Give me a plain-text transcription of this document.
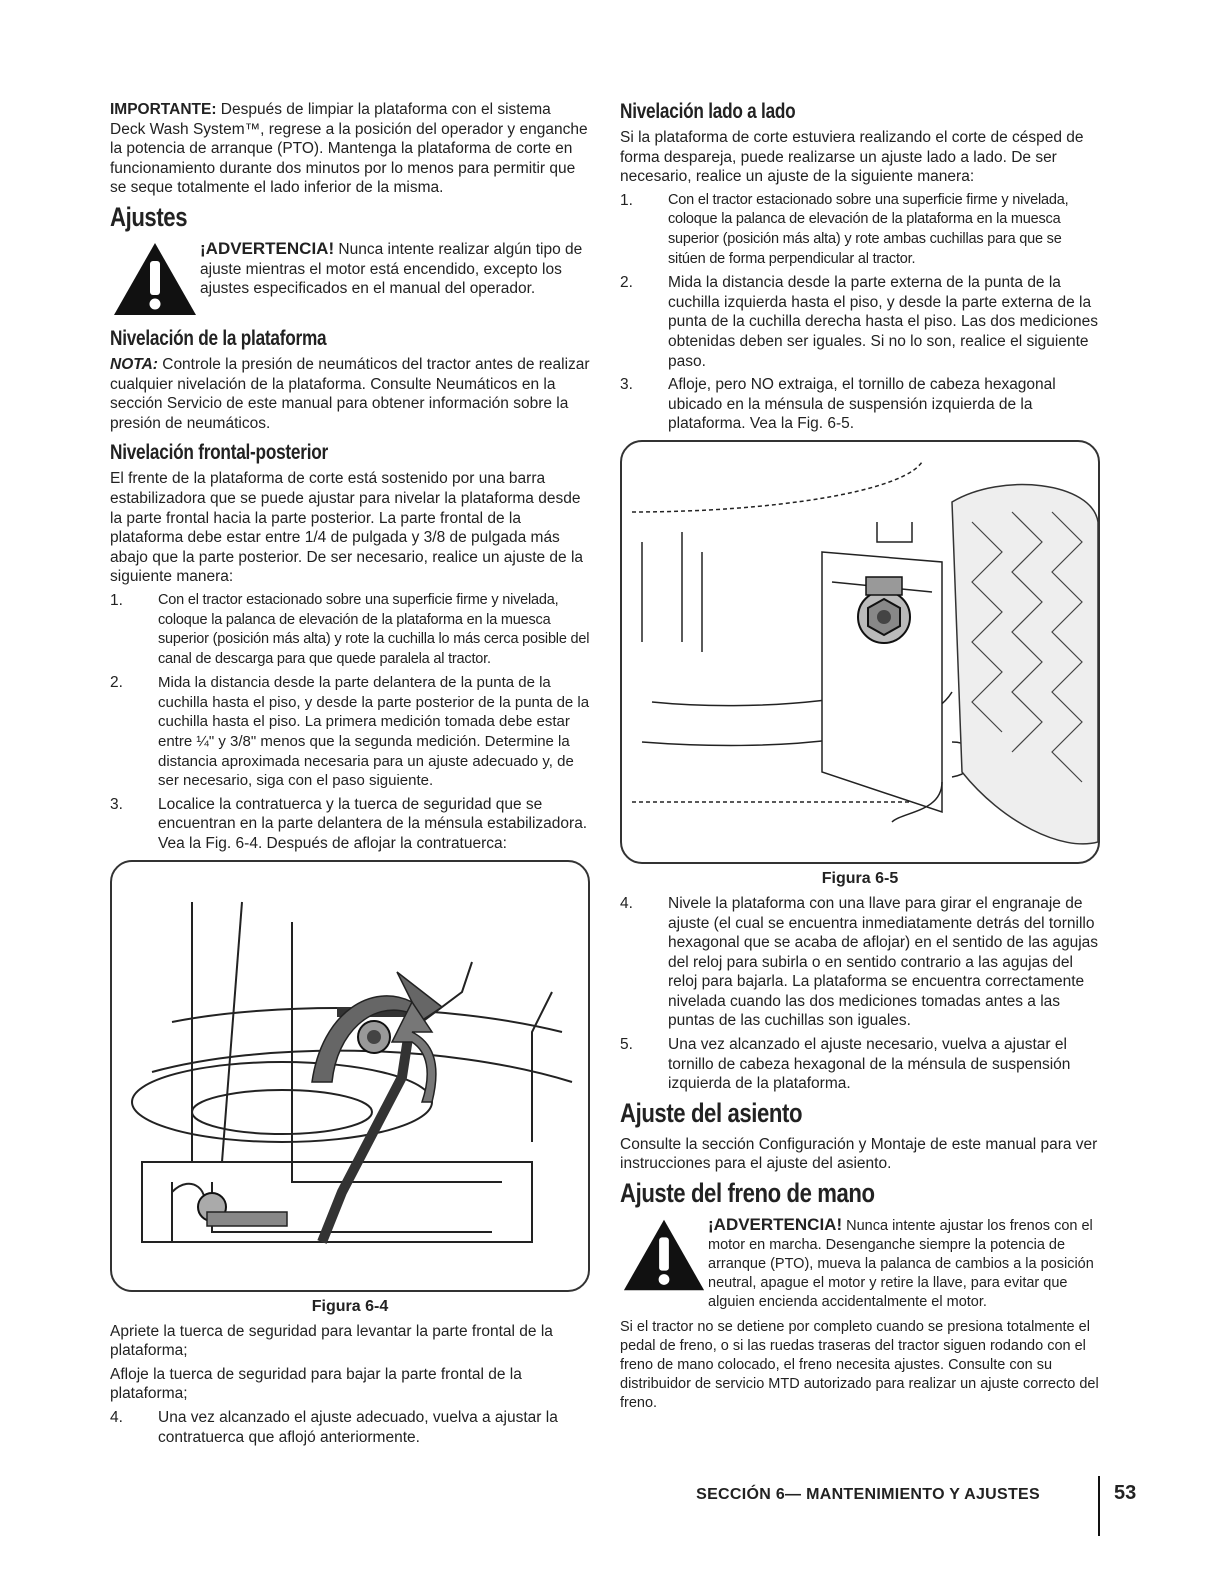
IMPORTANTE: Después de limpiar la plataforma con el sistema Deck Wash System™, regrese a la posición del operador y enganche la potencia de arranque (PTO). Mantenga la plataforma de corte en funcionamiento durante dos minutos por lo menos para permitir que se seque totalmente el lado inferior de la misma.

Ajustes
¡ADVERTENCIA! Nunca intente realizar algún tipo de ajuste mientras el motor está encendido, excepto los ajustes especificados en el manual del operador.
Nivelación de la plataforma

NOTA: Controle la presión de neumáticos del tractor antes de realizar cualquier nivelación de la plataforma. Consulte Neumáticos en la sección Servicio de este manual para obtener información sobre la presión de neumáticos.

Nivelación frontal-posterior

El frente de la plataforma de corte está sostenido por una barra estabilizadora que se puede ajustar para nivelar la plataforma desde la parte frontal hacia la parte posterior. La parte frontal de la plataforma debe estar entre 1/4 de pulgada y 3/8 de pulgada más abajo que la parte posterior. De ser necesario, realice un ajuste de la siguiente manera:

1.	Con el tractor estacionado sobre una superficie firme y nivelada, coloque la palanca de elevación de la plataforma en la muesca superior (posición más alta) y rote la cuchilla lo más cerca posible del canal de descarga para que quede paralela al tractor.
2.	Mida la distancia desde la parte delantera de la punta de la cuchilla hasta el piso, y desde la parte posterior de la punta de la cuchilla hasta el piso. La primera medición tomada debe estar entre ¼" y 3/8" menos que la segunda medición. Determine la distancia aproximada necesaria para un ajuste adecuado y, de ser necesario, siga con el paso siguiente.
3.	Localice la contratuerca y la tuerca de seguridad que se encuentran en la parte delantera de la ménsula estabilizadora. Vea la Fig. 6-4. Después de aflojar la contratuerca:
Figura 6-4

Apriete la tuerca de seguridad para levantar la parte frontal de la plataforma;

Afloje la tuerca de seguridad para bajar la parte frontal de la plataforma;

4.	Una vez alcanzado el ajuste adecuado, vuelva a ajustar la contratuerca que aflojó anteriormente.
Nivelación lado a lado

Si la plataforma de corte estuviera realizando el corte de césped de forma despareja, puede realizarse un ajuste lado a lado. De ser necesario, realice un ajuste de la siguiente manera:

1.	Con el tractor estacionado sobre una superficie firme y nivelada, coloque la palanca de elevación de la plataforma en la muesca superior (posición más alta) y rote ambas cuchillas para que se sitúen de forma perpendicular al tractor.
2.	Mida la distancia desde la parte externa de la punta de la cuchilla izquierda hasta el piso, y desde la parte externa de la punta de la cuchilla derecha hasta el piso. Las dos mediciones obtenidas deben ser iguales. Si no lo son, realice el siguiente paso.
3.	Afloje, pero NO extraiga, el tornillo de cabeza hexagonal ubicado en la ménsula de suspensión izquierda de la plataforma. Vea la Fig. 6-5.
Figura 6-5
4.	Nivele la plataforma con una llave para girar el engranaje de ajuste (el cual se encuentra inmediatamente detrás del tornillo hexagonal que se acaba de aflojar) en el sentido de las agujas del reloj para subirla o en sentido contrario a las agujas del reloj para bajarla. La plataforma se encuentra correctamente nivelada cuando las dos mediciones tomadas antes a las puntas de las cuchillas son iguales.
5.	Una vez alcanzado el ajuste necesario, vuelva a ajustar el tornillo de cabeza hexagonal de la ménsula de suspensión izquierda de la plataforma.
Ajuste del asiento

Consulte la sección Configuración y Montaje de este manual para ver instrucciones para el ajuste del asiento.

Ajuste del freno de mano
¡ADVERTENCIA! Nunca intente ajustar los frenos con el motor en marcha. Desenganche siempre la potencia de arranque (PTO), mueva la palanca de cambios a la posición neutral, apague el motor y retire la llave, para evitar que alguien encienda accidentalmente el motor.

Si el tractor no se detiene por completo cuando se presiona totalmente el pedal de freno, o si las ruedas traseras del tractor siguen rodando con el freno de mano colocado, el freno necesita ajustes. Consulte con su distribuidor de servicio MTD autorizado para realizar un ajuste correcto del freno.

SECCIÓN 6— MANTENIMIENTO Y AJUSTES	53
